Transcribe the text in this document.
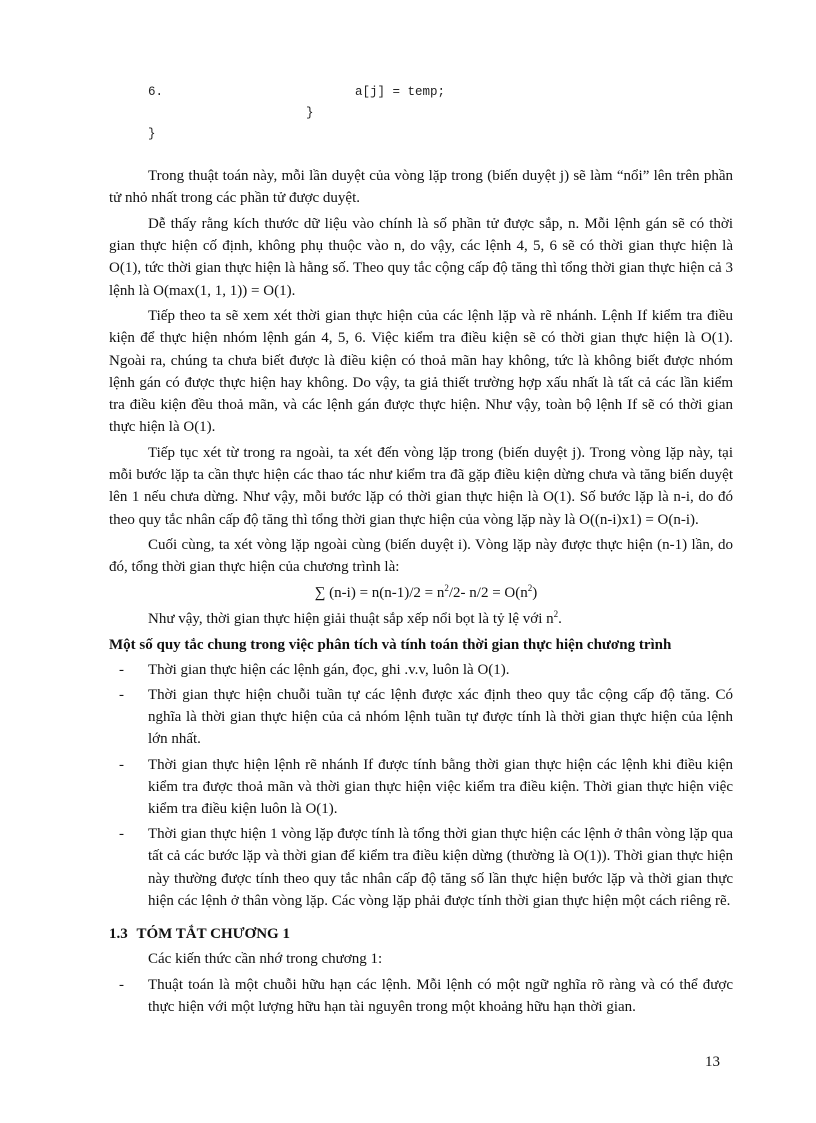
6.	a[j] = temp;
}
}

Trong thuật toán này, mỗi lần duyệt của vòng lặp trong (biến duyệt j) sẽ làm “nổi” lên trên phần tử nhỏ nhất trong các phần tử được duyệt.

Dễ thấy rằng kích thước dữ liệu vào chính là số phần tử được sắp, n. Mỗi lệnh gán sẽ có thời gian thực hiện cố định, không phụ thuộc vào n, do vậy, các lệnh 4, 5, 6 sẽ có thời gian thực hiện là O(1), tức thời gian thực hiện là hằng số. Theo quy tắc cộng cấp độ tăng thì tổng thời gian thực hiện cả 3 lệnh là O(max(1, 1, 1)) = O(1).

Tiếp theo ta sẽ xem xét thời gian thực hiện của các lệnh lặp và rẽ nhánh. Lệnh If kiểm tra điều kiện để thực hiện nhóm lệnh gán 4, 5, 6. Việc kiểm tra điều kiện sẽ có thời gian thực hiện là O(1). Ngoài ra, chúng ta chưa biết được là điều kiện có thoả mãn hay không, tức là không biết được nhóm lệnh gán có được thực hiện hay không. Do vậy, ta giả thiết trường hợp xấu nhất là tất cả các lần kiểm tra điều kiện đều thoả mãn, và các lệnh gán được thực hiện. Như vậy, toàn bộ lệnh If sẽ có thời gian thực hiện là O(1).

Tiếp tục xét từ trong ra ngoài, ta xét đến vòng lặp trong (biến duyệt j). Trong vòng lặp này, tại mỗi bước lặp ta cần thực hiện các thao tác như kiểm tra đã gặp điều kiện dừng chưa và tăng biến duyệt lên 1 nếu chưa dừng. Như vậy, mỗi bước lặp có thời gian thực hiện là O(1). Số bước lặp là n-i, do đó theo quy tắc nhân cấp độ tăng thì tổng thời gian thực hiện của vòng lặp này là O((n-i)x1) = O(n-i).

Cuối cùng, ta xét vòng lặp ngoài cùng (biến duyệt i). Vòng lặp này được thực hiện (n-1) lần, do đó, tổng thời gian thực hiện của chương trình là:

∑ $(n-i) = n(n-1)/2 = n^2/2-$ $n/2 = O(n^2)$

Như vậy, thời gian thực hiện giải thuật sắp xếp nổi bọt là tỷ lệ với $n^2$.

Một số quy tắc chung trong việc phân tích và tính toán thời gian thực hiện chương trình

- Thời gian thực hiện các lệnh gán, đọc, ghi .v.v, luôn là O(1).
- Thời gian thực hiện chuỗi tuần tự các lệnh được xác định theo quy tắc cộng cấp độ tăng. Có nghĩa là thời gian thực hiện của cả nhóm lệnh tuần tự được tính là thời gian thực hiện của lệnh lớn nhất.
- Thời gian thực hiện lệnh rẽ nhánh If được tính bằng thời gian thực hiện các lệnh khi điều kiện kiểm tra được thoả mãn và thời gian thực hiện việc kiểm tra điều kiện. Thời gian thực hiện việc kiểm tra điều kiện luôn là O(1).
- Thời gian thực hiện 1 vòng lặp được tính là tổng thời gian thực hiện các lệnh ở thân vòng lặp qua tất cả các bước lặp và thời gian để kiểm tra điều kiện dừng (thường là O(1)). Thời gian thực hiện này thường được tính theo quy tắc nhân cấp độ tăng số lần thực hiện bước lặp và thời gian thực hiện các lệnh ở thân vòng lặp. Các vòng lặp phải được tính thời gian thực hiện một cách riêng rẽ.

1.3 TÓM TẮT CHƯƠNG 1

Các kiến thức cần nhớ trong chương 1:

- Thuật toán là một chuỗi hữu hạn các lệnh. Mỗi lệnh có một ngữ nghĩa rõ ràng và có thể được thực hiện với một lượng hữu hạn tài nguyên trong một khoảng hữu hạn thời gian.
13
